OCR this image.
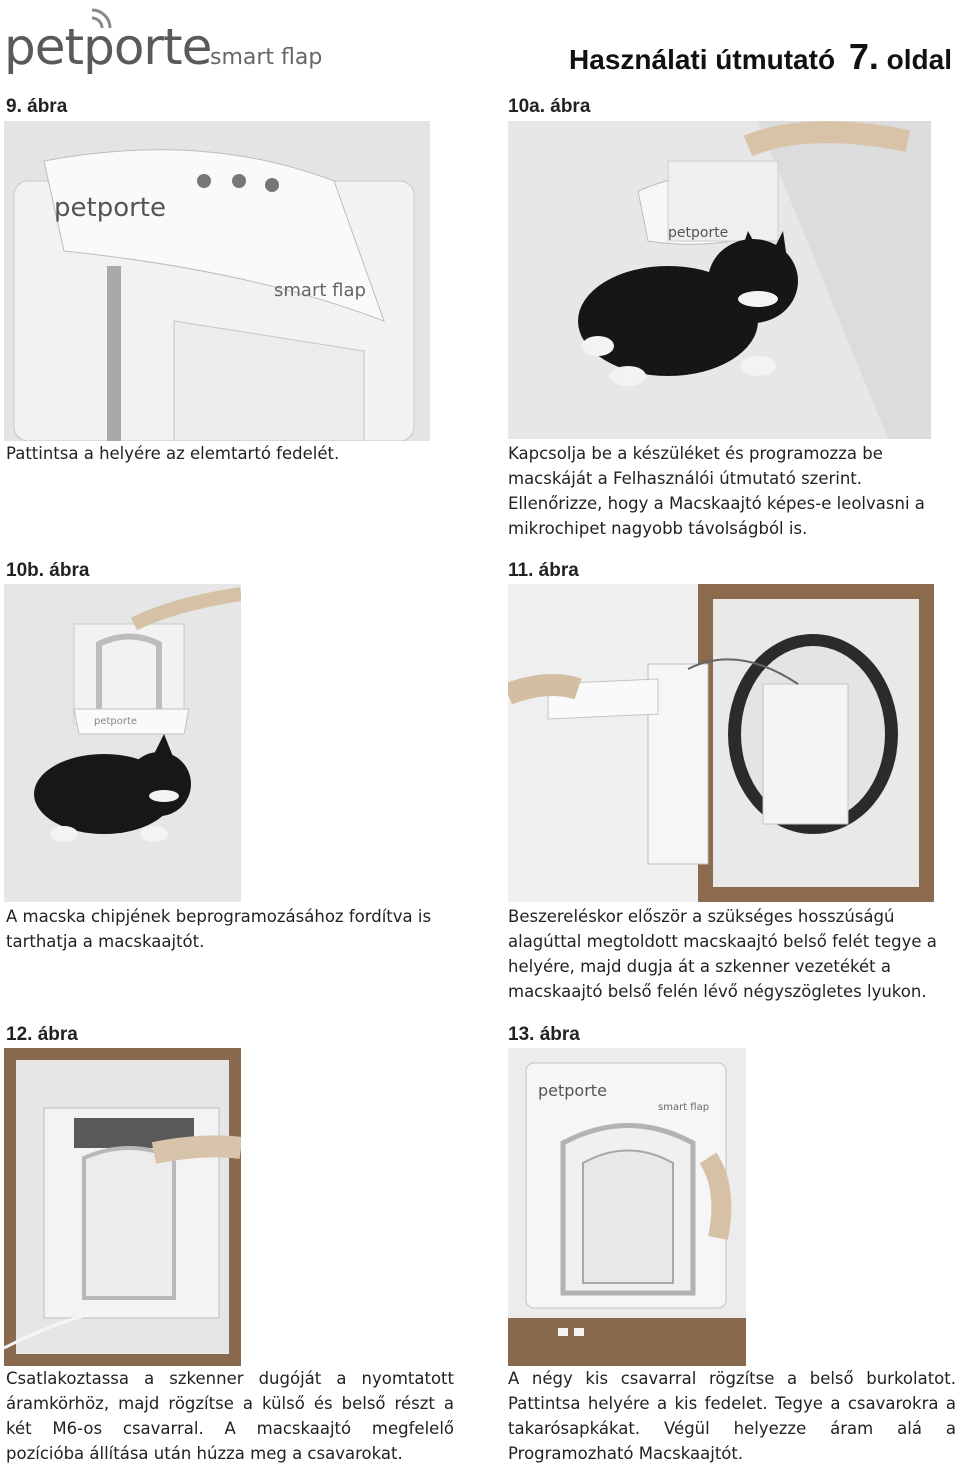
petporte
smart flap	Használati útmutató 7. oldal
9. ábra
petporte
smart flap
Pattintsa a helyére az elemtartó fedelét.
10a. ábra
petporte
Kapcsolja be a készüléket és programozza be
macskáját a Felhasználói útmutató szerint.
Ellenőrizze, hogy a Macskaajtó képes-e leolvasni a
mikrochipet nagyobb távolságból is.
10b. ábra
petporte
A macska chipjének beprogramozásához fordítva is
tarthatja a macskaajtót.
11. ábra
Beszereléskor először a szükséges hosszúságú
alagúttal megtoldott macskaajtó belső felét tegye a
helyére, majd dugja át a szkenner vezetékét a
macskaajtó belső felén lévő négyszögletes lyukon.
12. ábra
Csatlakoztassa a szkenner dugóját a nyomtatott
áramkörhöz, majd rögzítse a külső és belső részt a
két M6-os csavarral. A macskaajtó megfelelő
pozícióba állítása után húzza meg a csavarokat.
13. ábra
petporte
smart flap
A négy kis csavarral rögzítse a belső burkolatot.
Pattintsa helyére a kis fedelet. Tegye a csavarokra a
takarósapkákat. Végül helyezze áram alá a
Programozható Macskaajtót.
